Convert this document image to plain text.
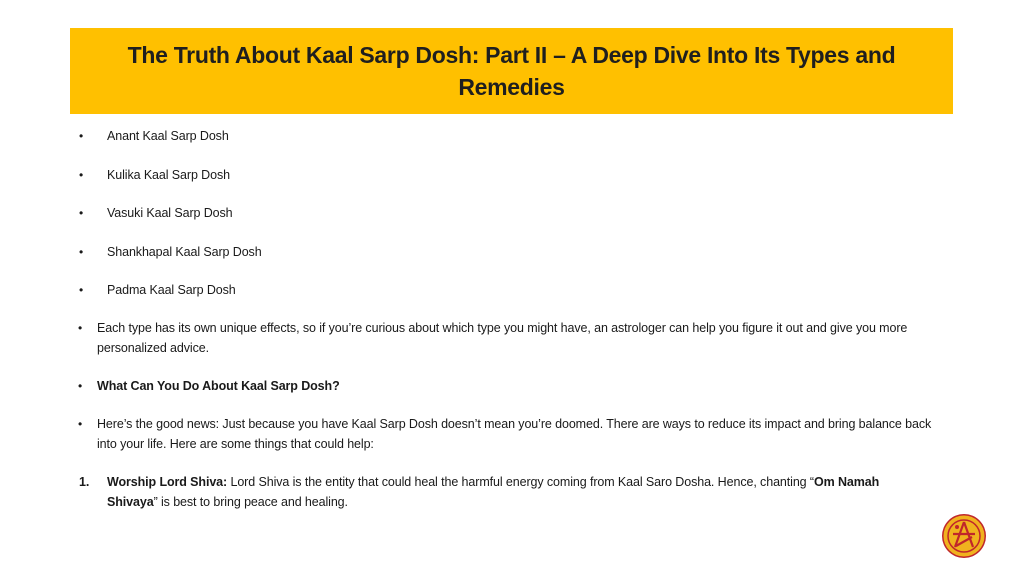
The Truth About Kaal Sarp Dosh: Part II – A Deep Dive Into Its Types and Remedies
• Anant Kaal Sarp Dosh
• Kulika Kaal Sarp Dosh
• Vasuki Kaal Sarp Dosh
• Shankhapal Kaal Sarp Dosh
• Padma Kaal Sarp Dosh
• Each type has its own unique effects, so if you’re curious about which type you might have, an astrologer can help you figure it out and give you more personalized advice.
• What Can You Do About Kaal Sarp Dosh?
• Here’s the good news: Just because you have Kaal Sarp Dosh doesn’t mean you’re doomed. There are ways to reduce its impact and bring balance back into your life. Here are some things that could help:
1. Worship Lord Shiva: Lord Shiva is the entity that could heal the harmful energy coming from Kaal Saro Dosha. Hence, chanting “Om Namah Shivaya” is best to bring peace and healing.
